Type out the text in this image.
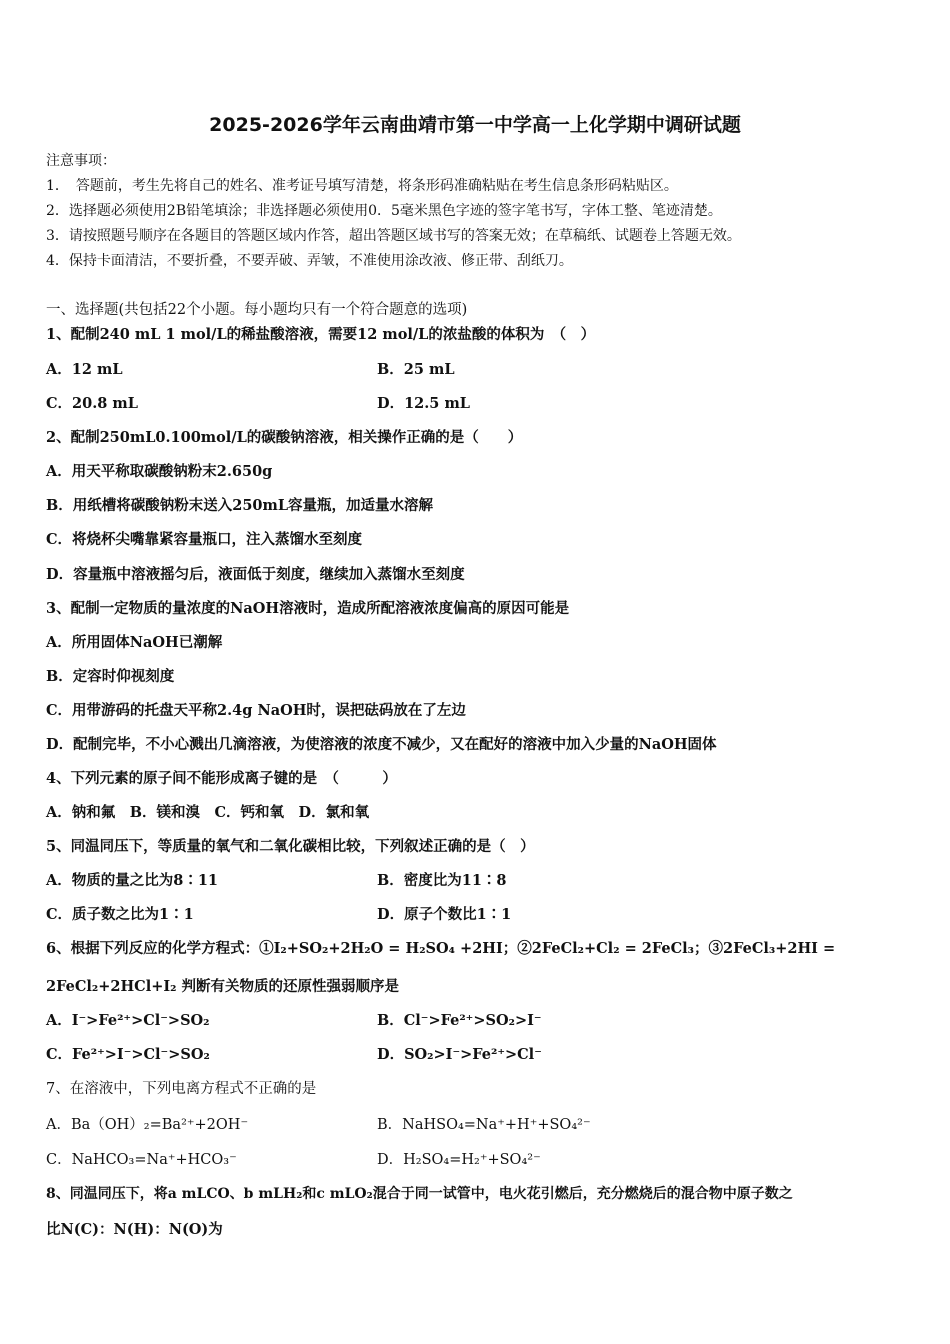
2025-2026学年云南曲靖市第一中学高一上化学期中调研试题
注意事项：
1．　答题前，考生先将自己的姓名、准考证号填写清楚，将条形码准确粘贴在考生信息条形码粘贴区。
2．选择题必须使用2B铅笔填涂；非选择题必须使用0．5毫米黑色字迹的签字笔书写，字体工整、笔迹清楚。
3．请按照题号顺序在各题目的答题区域内作答，超出答题区域书写的答案无效；在草稿纸、试题卷上答题无效。
4．保持卡面清洁，不要折叠，不要弄破、弄皱，不准使用涂改液、修正带、刮纸刀。
一、选择题(共包括22个小题。每小题均只有一个符合题意的选项)
1、配制240 mL 1 mol/L的稀盐酸溶液，需要12 mol/L的浓盐酸的体积为　（　）
A．12 mL	B．25 mL
C．20.8 mL	D．12.5 mL
2、配制250mL0.100mol/L的碳酸钠溶液，相关操作正确的是（　　）
A．用天平称取碳酸钠粉末2.650g
B．用纸槽将碳酸钠粉末送入250mL容量瓶，加适量水溶解
C．将烧杯尖嘴靠紧容量瓶口，注入蒸馏水至刻度
D．容量瓶中溶液摇匀后，液面低于刻度，继续加入蒸馏水至刻度
3、配制一定物质的量浓度的NaOH溶液时，造成所配溶液浓度偏高的原因可能是
A．所用固体NaOH已潮解
B．定容时仰视刻度
C．用带游码的托盘天平称2.4g NaOH时，误把砝码放在了左边
D．配制完毕，不小心溅出几滴溶液，为使溶液的浓度不减少，又在配好的溶液中加入少量的NaOH固体
4、下列元素的原子间不能形成离子键的是　（　　　）
A．钠和氟　B．镁和溴　C．钙和氧　D．氯和氧
5、同温同压下，等质量的氧气和二氧化碳相比较，下列叙述正确的是（　）
A．物质的量之比为8∶11	B．密度比为11∶8
C．质子数之比为1∶1	D．原子个数比1∶1
6、根据下列反应的化学方程式：①I₂+SO₂+2H₂O = H₂SO₄ +2HI；②2FeCl₂+Cl₂ = 2FeCl₃；③2FeCl₃+2HI =
2FeCl₂+2HCl+I₂ 判断有关物质的还原性强弱顺序是
A．I⁻>Fe²⁺>Cl⁻>SO₂	B．Cl⁻>Fe²⁺>SO₂>I⁻
C．Fe²⁺>I⁻>Cl⁻>SO₂	D．SO₂>I⁻>Fe²⁺>Cl⁻
7、在溶液中，下列电离方程式不正确的是
A．Ba（OH）₂=Ba²⁺+2OH⁻	B．NaHSO₄=Na⁺+H⁺+SO₄²⁻
C．NaHCO₃=Na⁺+HCO₃⁻	D．H₂SO₄=H₂⁺+SO₄²⁻
8、同温同压下，将a mLCO、b mLH₂和c mLO₂混合于同一试管中，电火花引燃后，充分燃烧后的混合物中原子数之
比N(C)：N(H)：N(O)为
